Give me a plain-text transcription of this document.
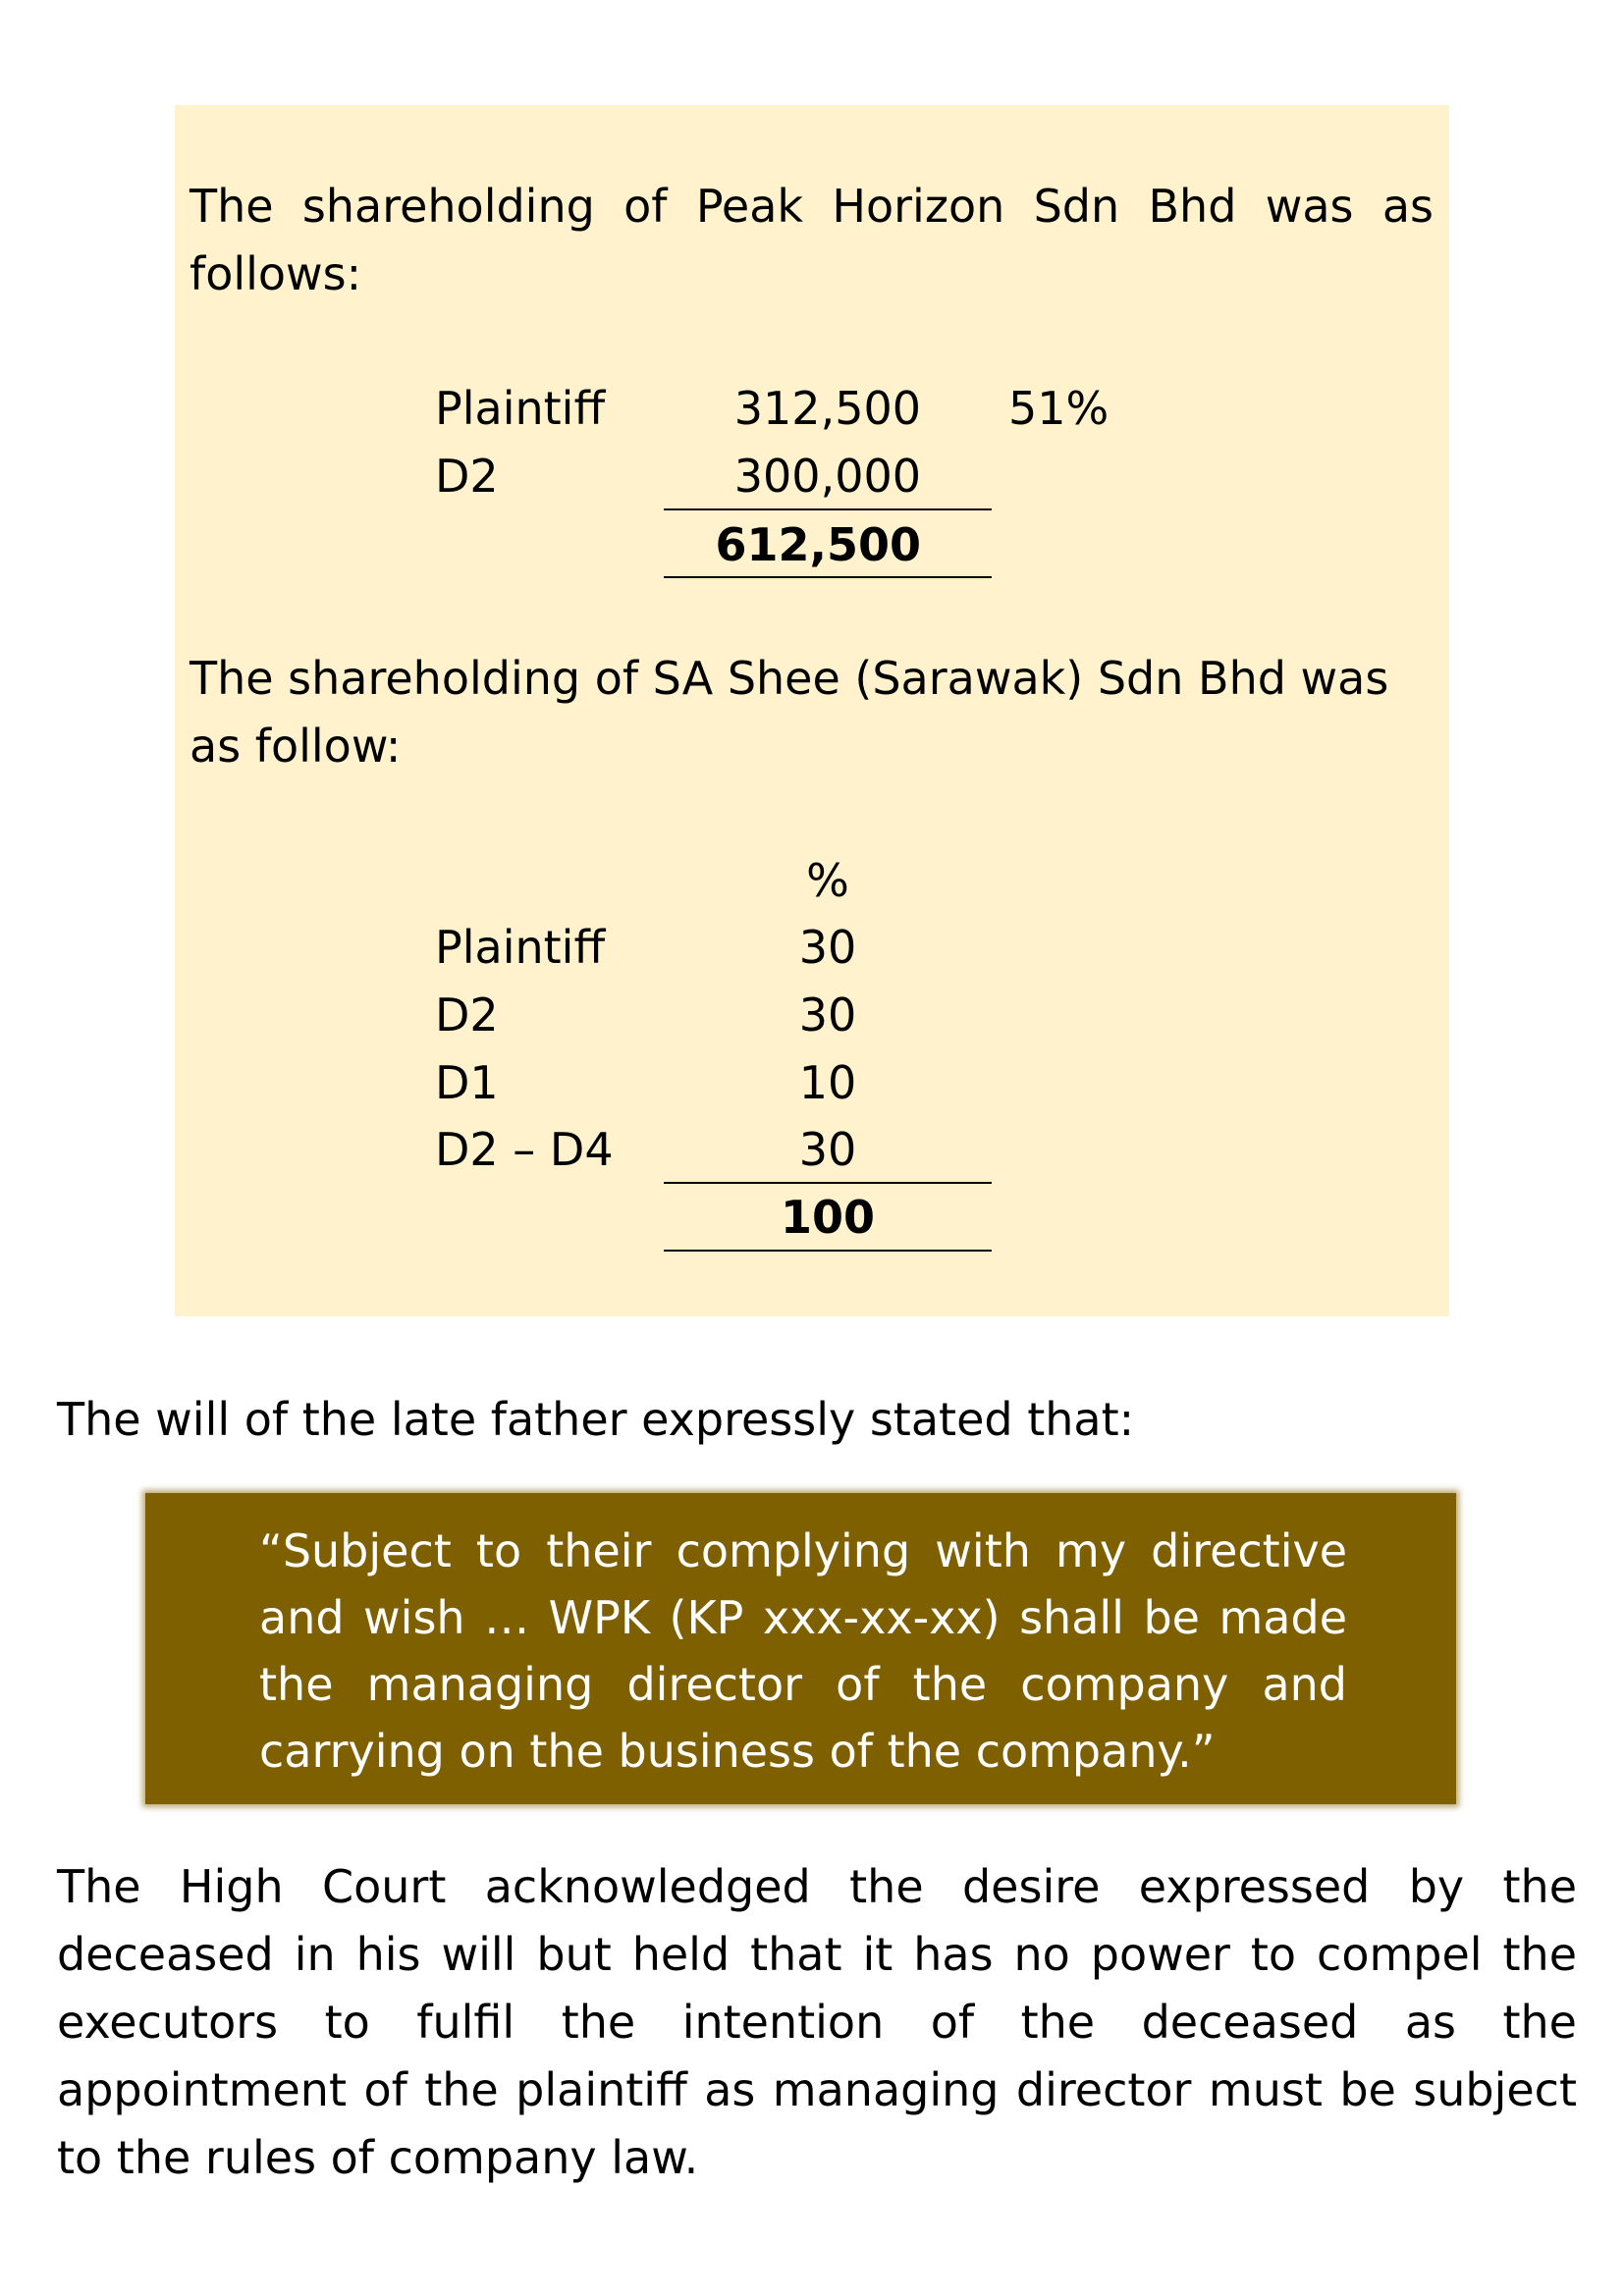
The shareholding of Peak Horizon Sdn Bhd was as follows:

Plaintiff	312,500 51%
D2	300,000
612,500

The shareholding of SA Shee (Sarawak) Sdn Bhd was as follow:

%
Plaintiff	30
D2	30
D1	10
D2 – D4	30
100

The will of the late father expressly stated that:

“Subject to their complying with my directive and wish … WPK (KP xxx-xx-xx) shall be made the managing director of the company and carrying on the business of the company.”

The High Court acknowledged the desire expressed by the deceased in his will but held that it has no power to compel the executors to fulfil the intention of the deceased as the appointment of the plaintiff as managing director must be subject to the rules of company law.
